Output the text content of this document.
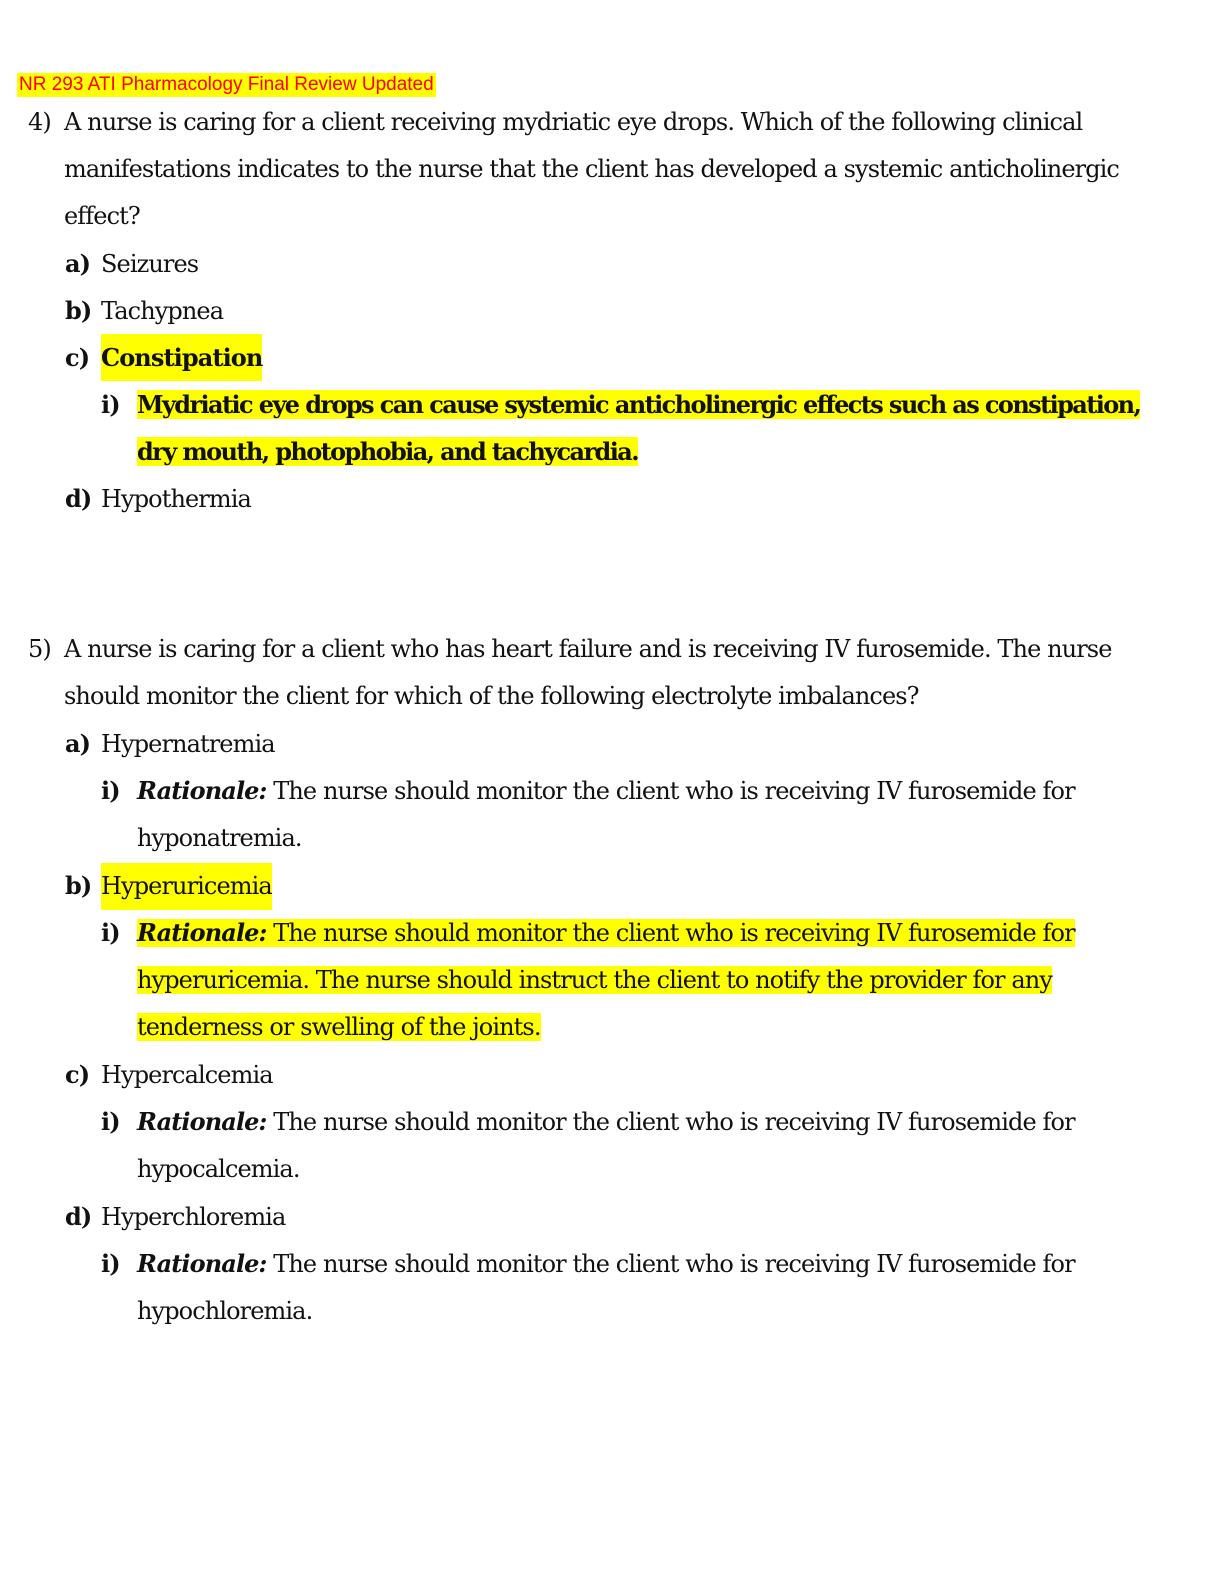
NR 293 ATI Pharmacology Final Review Updated
4) A nurse is caring for a client receiving mydriatic eye drops. Which of the following clinical manifestations indicates to the nurse that the client has developed a systemic anticholinergic effect?
a) Seizures
b) Tachypnea
c) Constipation
i) Mydriatic eye drops can cause systemic anticholinergic effects such as constipation, dry mouth, photophobia, and tachycardia.
d) Hypothermia
5) A nurse is caring for a client who has heart failure and is receiving IV furosemide. The nurse should monitor the client for which of the following electrolyte imbalances?
a) Hypernatremia
i) Rationale: The nurse should monitor the client who is receiving IV furosemide for hyponatremia.
b) Hyperuricemia
i) Rationale: The nurse should monitor the client who is receiving IV furosemide for hyperuricemia. The nurse should instruct the client to notify the provider for any tenderness or swelling of the joints.
c) Hypercalcemia
i) Rationale: The nurse should monitor the client who is receiving IV furosemide for hypocalcemia.
d) Hyperchloremia
i) Rationale: The nurse should monitor the client who is receiving IV furosemide for hypochloremia.
